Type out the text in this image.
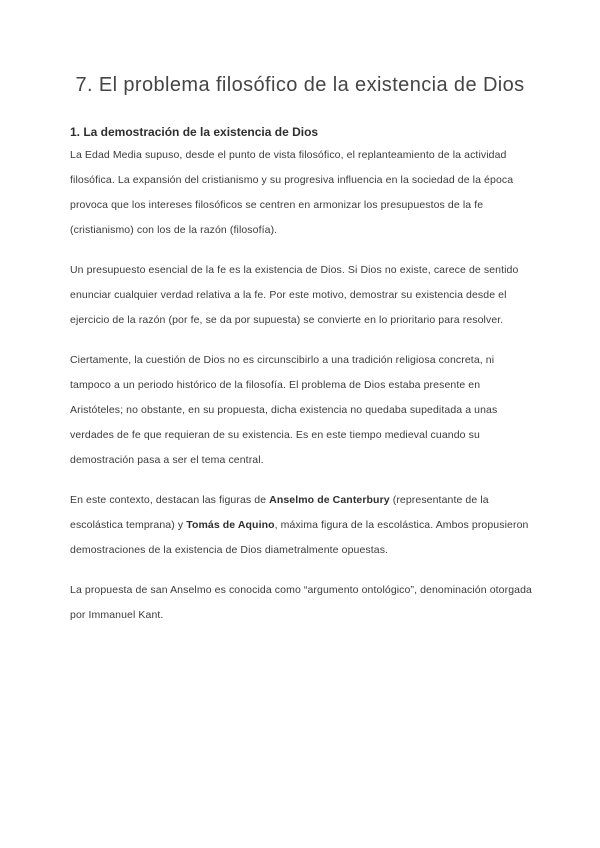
7. El problema filosófico de la existencia de Dios
1. La demostración de la existencia de Dios

La Edad Media supuso, desde el punto de vista filosófico, el replanteamiento de la actividad filosófica. La expansión del cristianismo y su progresiva influencia en la sociedad de la época provoca que los intereses filosóficos se centren en armonizar los presupuestos de la fe (cristianismo) con los de la razón (filosofía).

Un presupuesto esencial de la fe es la existencia de Dios. Si Dios no existe, carece de sentido enunciar cualquier verdad relativa a la fe. Por este motivo, demostrar su existencia desde el ejercicio de la razón (por fe, se da por supuesta) se convierte en lo prioritario para resolver.

Ciertamente, la cuestión de Dios no es circunscibirlo a una tradición religiosa concreta, ni tampoco a un periodo histórico de la filosofía. El problema de Dios estaba presente en Aristóteles; no obstante, en su propuesta, dicha existencia no quedaba supeditada a unas verdades de fe que requieran de su existencia. Es en este tiempo medieval cuando su demostración pasa a ser el tema central.

En este contexto, destacan las figuras de Anselmo de Canterbury (representante de la escolástica temprana) y Tomás de Aquino, máxima figura de la escolástica. Ambos propusieron demostraciones de la existencia de Dios diametralmente opuestas.

La propuesta de san Anselmo es conocida como “argumento ontológico”, denominación otorgada por Immanuel Kant.
